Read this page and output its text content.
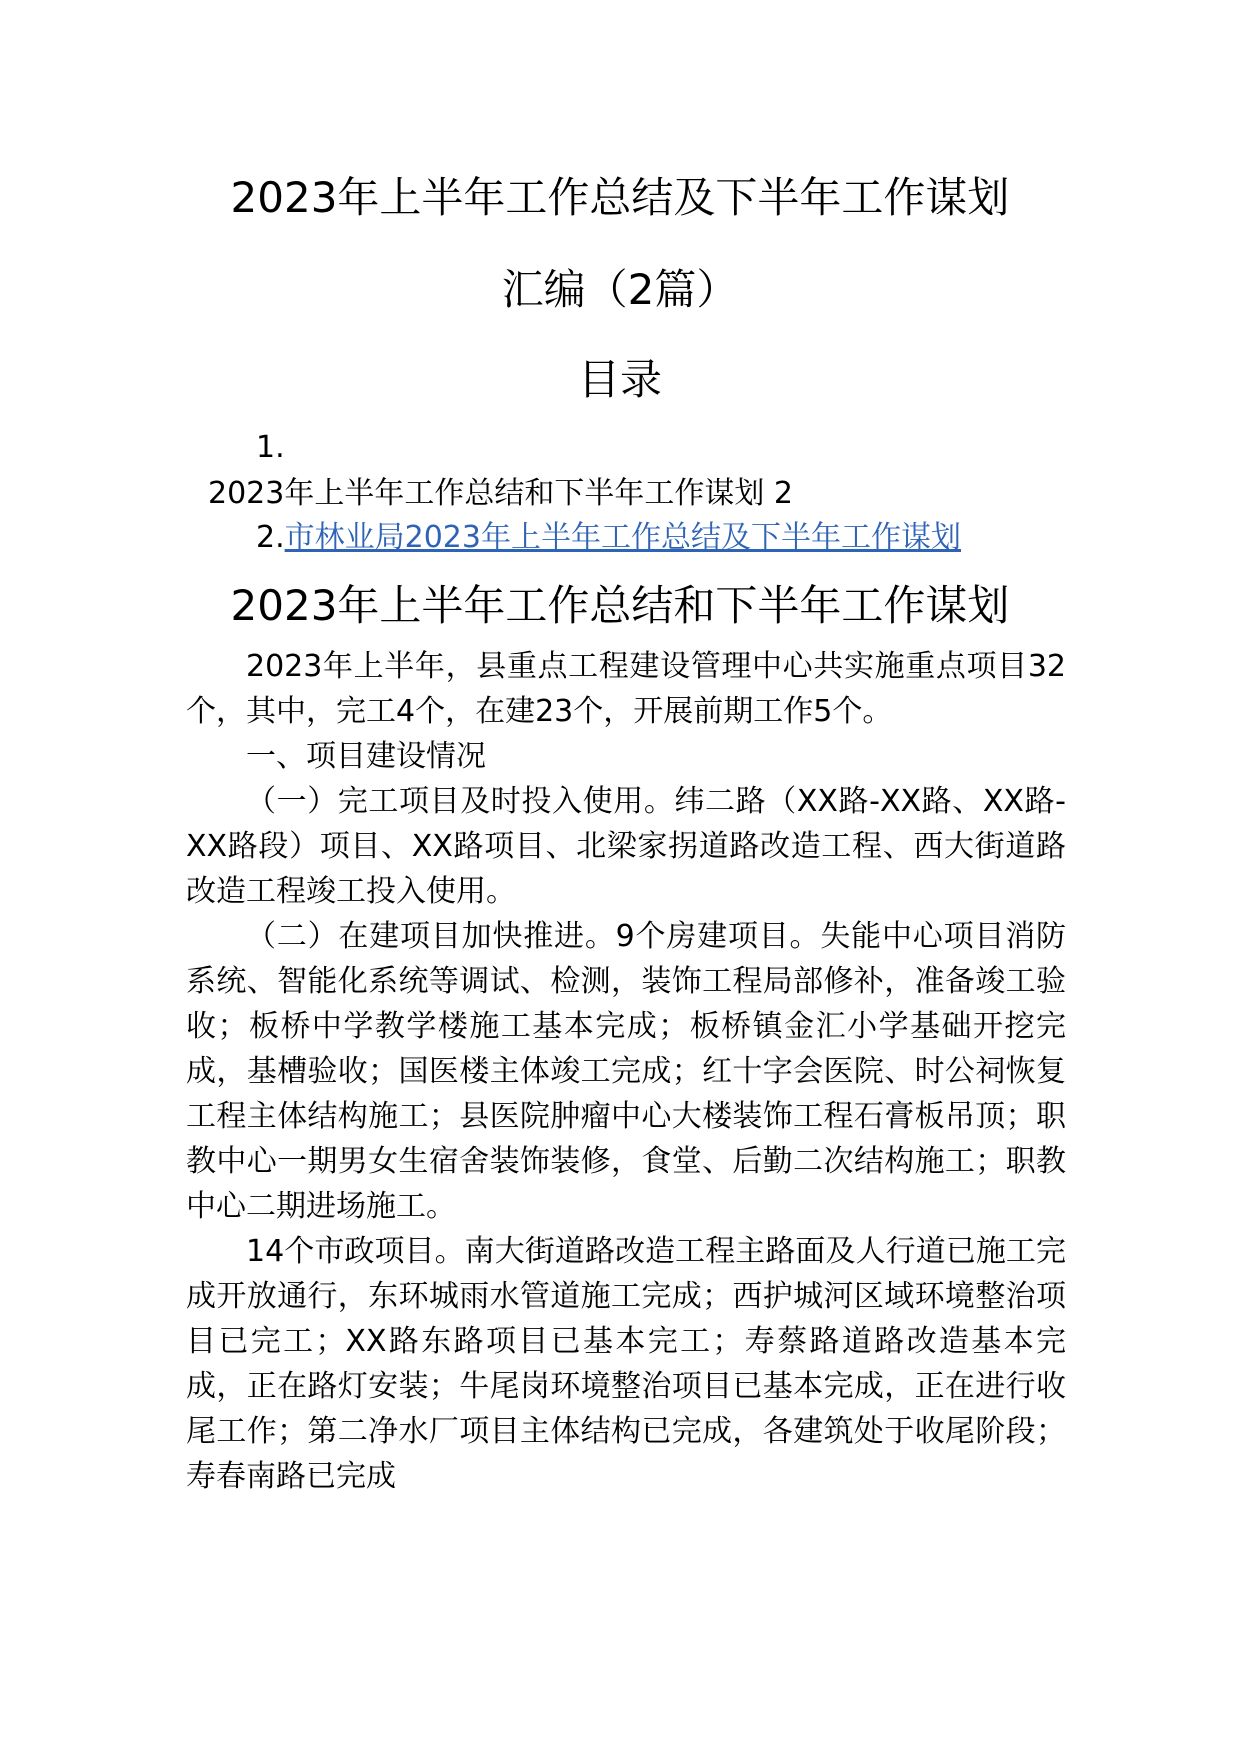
2023年上半年工作总结及下半年工作谋划
汇编（2篇）
目录
1.
2023年上半年工作总结和下半年工作谋划 2
2.市林业局2023年上半年工作总结及下半年工作谋划
2023年上半年工作总结和下半年工作谋划

2023年上半年，县重点工程建设管理中心共实施重点项目32个，其中，完工4个，在建23个，开展前期工作5个。

一、项目建设情况

（一）完工项目及时投入使用。纬二路（XX路-XX路、XX路-XX路段）项目、XX路项目、北梁家拐道路改造工程、西大街道路改造工程竣工投入使用。

（二）在建项目加快推进。9个房建项目。失能中心项目消防系统、智能化系统等调试、检测，装饰工程局部修补，准备竣工验收；板桥中学教学楼施工基本完成；板桥镇金汇小学基础开挖完成，基槽验收；国医楼主体竣工完成；红十字会医院、时公祠恢复工程主体结构施工；县医院肿瘤中心大楼装饰工程石膏板吊顶；职教中心一期男女生宿舍装饰装修，食堂、后勤二次结构施工；职教中心二期进场施工。

14个市政项目。南大街道路改造工程主路面及人行道已施工完成开放通行，东环城雨水管道施工完成；西护城河区域环境整治项目已完工；XX路东路项目已基本完工；寿蔡路道路改造基本完成，正在路灯安装；牛尾岗环境整治项目已基本完成，正在进行收尾工作；第二净水厂项目主体结构已完成，各建筑处于收尾阶段；寿春南路已完成
